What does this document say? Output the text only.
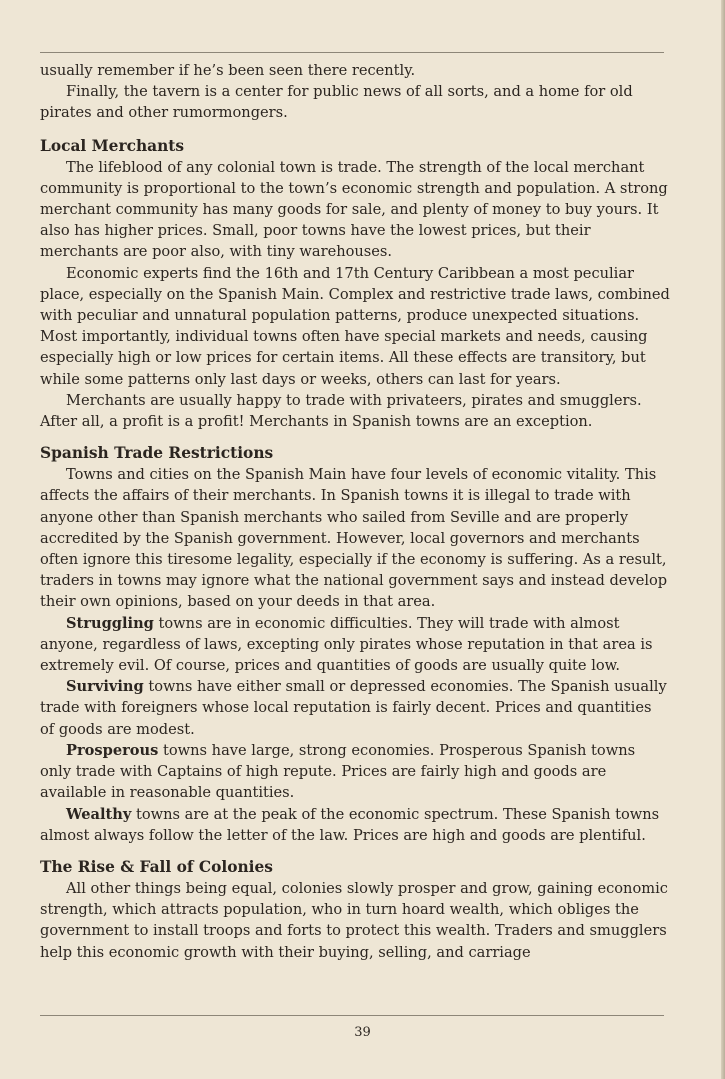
usually remember if he’s been seen there recently.

Finally, the tavern is a center for public news of all sorts, and a home for old pirates and other rumormongers.

Local Merchants

The lifeblood of any colonial town is trade. The strength of the local merchant community is proportional to the town’s economic strength and population. A strong merchant community has many goods for sale, and plenty of money to buy yours. It also has higher prices. Small, poor towns have the lowest prices, but their merchants are poor also, with tiny warehouses.

Economic experts find the 16th and 17th Century Caribbean a most peculiar place, especially on the Spanish Main. Complex and restrictive trade laws, combined with peculiar and unnatural population patterns, produce unexpected situations. Most importantly, individual towns often have special markets and needs, causing especially high or low prices for certain items. All these effects are transitory, but while some patterns only last days or weeks, others can last for years.

Merchants are usually happy to trade with privateers, pirates and smugglers. After all, a profit is a profit! Merchants in Spanish towns are an exception.

Spanish Trade Restrictions

Towns and cities on the Spanish Main have four levels of economic vitality. This affects the affairs of their merchants. In Spanish towns it is illegal to trade with anyone other than Spanish merchants who sailed from Seville and are properly accredited by the Spanish government. However, local governors and merchants often ignore this tiresome legality, especially if the economy is suffering. As a result, traders in towns may ignore what the national government says and instead develop their own opinions, based on your deeds in that area.

Struggling towns are in economic difficulties. They will trade with almost anyone, regardless of laws, excepting only pirates whose reputation in that area is extremely evil. Of course, prices and quantities of goods are usually quite low.

Surviving towns have either small or depressed economies. The Spanish usually trade with foreigners whose local reputation is fairly decent. Prices and quantities of goods are modest.

Prosperous towns have large, strong economies. Prosperous Spanish towns only trade with Captains of high repute. Prices are fairly high and goods are available in reasonable quantities.

Wealthy towns are at the peak of the economic spectrum. These Spanish towns almost always follow the letter of the law. Prices are high and goods are plentiful.

The Rise & Fall of Colonies

All other things being equal, colonies slowly prosper and grow, gaining economic strength, which attracts population, who in turn hoard wealth, which obliges the government to install troops and forts to protect this wealth. Traders and smugglers help this economic growth with their buying, selling, and carriage

39
